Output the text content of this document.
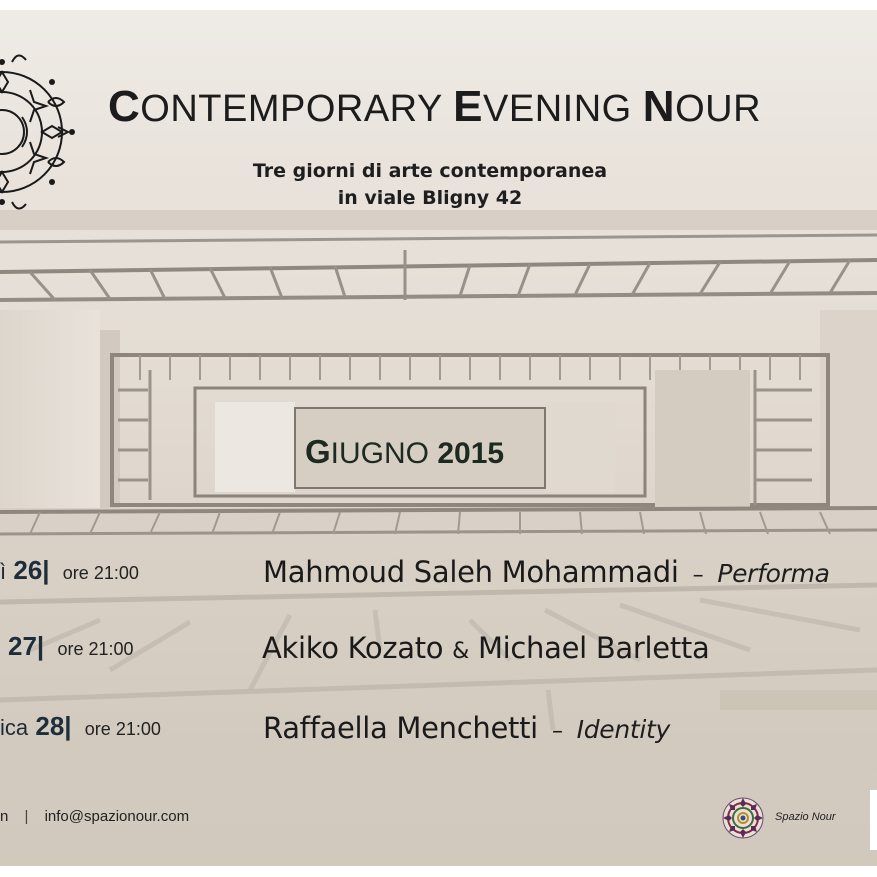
CONTEMPORARY EVENING NOUR
Tre giorni di arte contemporanea
in viale Bligny 42
GIUGNO 2015
ì 26| ore 21:00	Mahmoud Saleh Mohammadi – Performa
27| ore 21:00	Akiko Kozato & Michael Barletta
ica 28| ore 21:00	Raffaella Menchetti – Identity
n | info@spazionour.com	Spazio Nour
